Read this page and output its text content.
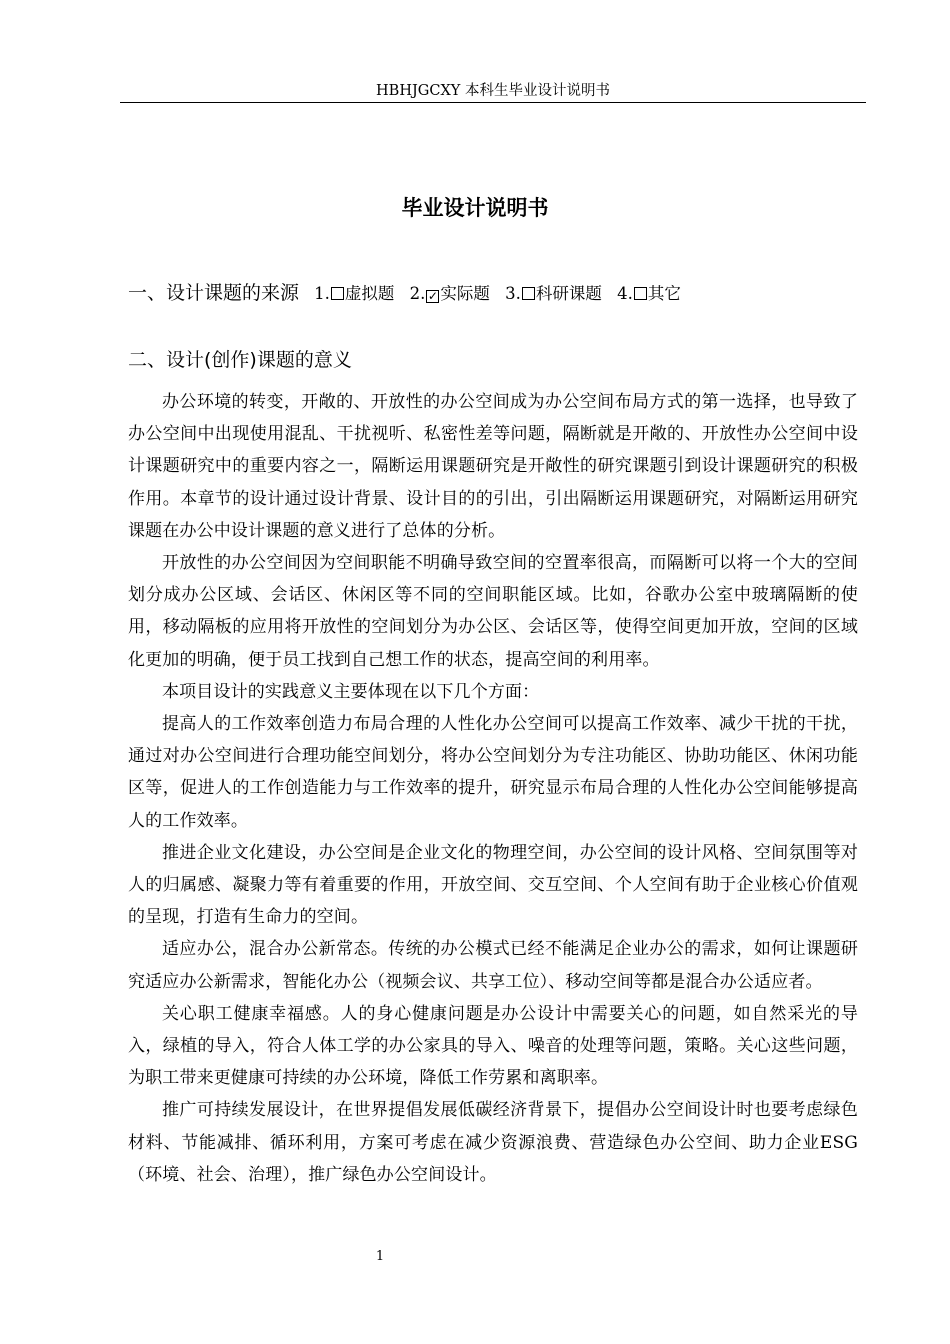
HBHJGCXY 本科生毕业设计说明书
毕业设计说明书
一、设计课题的来源 1. 虚拟题 2. ✓ 实际题 3. 科研课题 4. 其它
二、设计(创作)课题的意义

办公环境的转变，开敞的、开放性的办公空间成为办公空间布局方式的第一选择，也导致了办公空间中出现使用混乱、干扰视听、私密性差等问题，隔断就是开敞的、开放性办公空间中设计课题研究中的重要内容之一，隔断运用课题研究是开敞性的研究课题引到设计课题研究的积极作用。本章节的设计通过设计背景、设计目的的引出，引出隔断运用课题研究，对隔断运用研究课题在办公中设计课题的意义进行了总体的分析。

开放性的办公空间因为空间职能不明确导致空间的空置率很高，而隔断可以将一个大的空间划分成办公区域、会话区、休闲区等不同的空间职能区域。比如，谷歌办公室中玻璃隔断的使用，移动隔板的应用将开放性的空间划分为办公区、会话区等，使得空间更加开放，空间的区域化更加的明确，便于员工找到自己想工作的状态，提高空间的利用率。

本项目设计的实践意义主要体现在以下几个方面：

提高人的工作效率创造力布局合理的人性化办公空间可以提高工作效率、减少干扰的干扰，通过对办公空间进行合理功能空间划分，将办公空间划分为专注功能区、协助功能区、休闲功能区等，促进人的工作创造能力与工作效率的提升，研究显示布局合理的人性化办公空间能够提高人的工作效率。

推进企业文化建设，办公空间是企业文化的物理空间，办公空间的设计风格、空间氛围等对人的归属感、凝聚力等有着重要的作用，开放空间、交互空间、个人空间有助于企业核心价值观的呈现，打造有生命力的空间。

适应办公，混合办公新常态。传统的办公模式已经不能满足企业办公的需求，如何让课题研究适应办公新需求，智能化办公（视频会议、共享工位）、移动空间等都是混合办公适应者。

关心职工健康幸福感。人的身心健康问题是办公设计中需要关心的问题，如自然采光的导入，绿植的导入，符合人体工学的办公家具的导入、噪音的处理等问题，策略。关心这些问题，为职工带来更健康可持续的办公环境，降低工作劳累和离职率。

推广可持续发展设计，在世界提倡发展低碳经济背景下，提倡办公空间设计时也要考虑绿色材料、节能减排、循环利用，方案可考虑在减少资源浪费、营造绿色办公空间、助力企业ESG（环境、社会、治理），推广绿色办公空间设计。

1
